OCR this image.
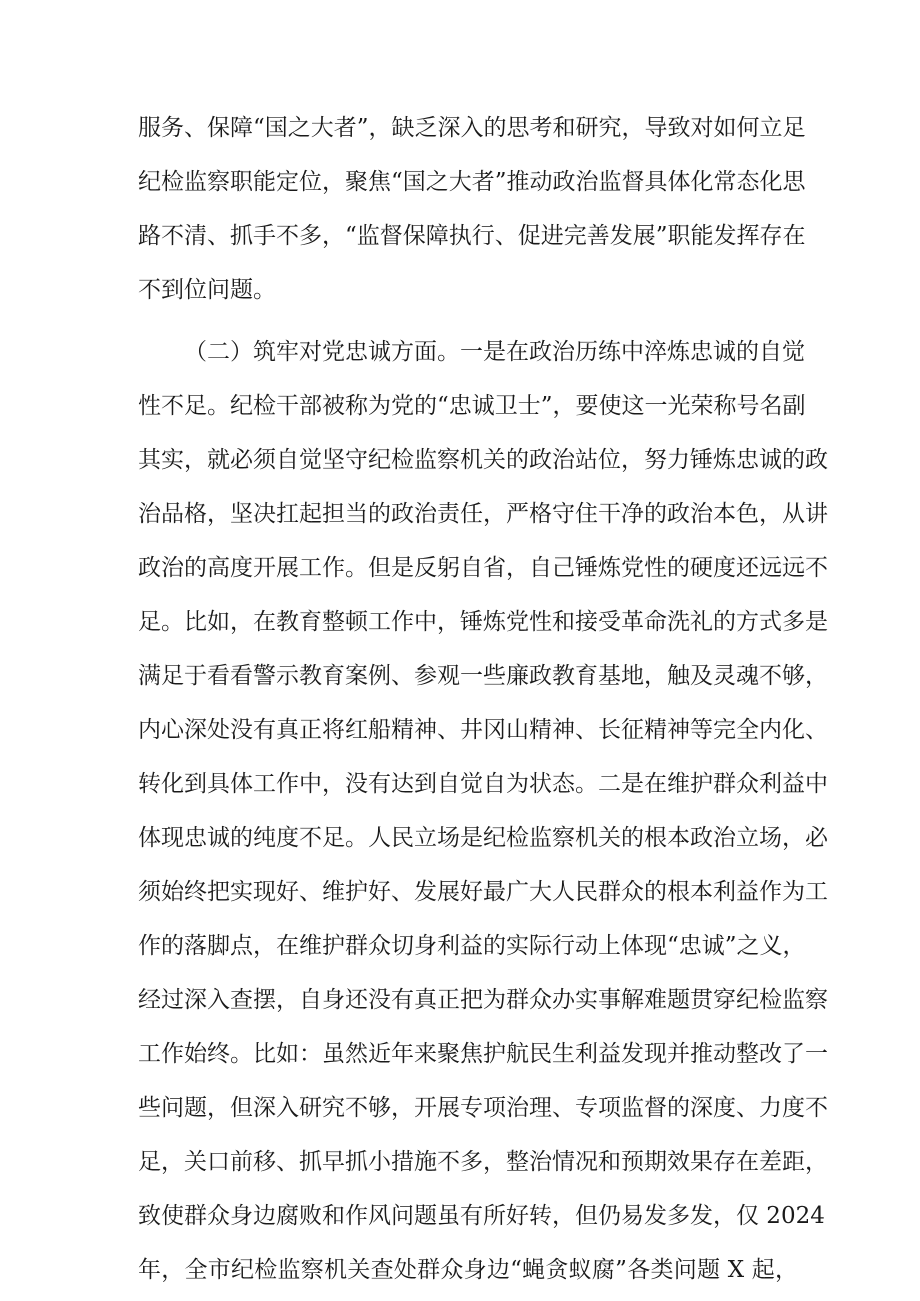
服务、保障“国之大者”，缺乏深入的思考和研究，导致对如何立足

纪检监察职能定位，聚焦“国之大者”推动政治监督具体化常态化思

路不清、抓手不多，“监督保障执行、促进完善发展”职能发挥存在

不到位问题。

（二）筑牢对党忠诚方面。一是在政治历练中淬炼忠诚的自觉

性不足。纪检干部被称为党的“忠诚卫士”，要使这一光荣称号名副

其实，就必须自觉坚守纪检监察机关的政治站位，努力锤炼忠诚的政

治品格，坚决扛起担当的政治责任，严格守住干净的政治本色，从讲

政治的高度开展工作。但是反躬自省，自己锤炼党性的硬度还远远不

足。比如，在教育整顿工作中，锤炼党性和接受革命洗礼的方式多是

满足于看看警示教育案例、参观一些廉政教育基地，触及灵魂不够，

内心深处没有真正将红船精神、井冈山精神、长征精神等完全内化、

转化到具体工作中，没有达到自觉自为状态。二是在维护群众利益中

体现忠诚的纯度不足。人民立场是纪检监察机关的根本政治立场，必

须始终把实现好、维护好、发展好最广大人民群众的根本利益作为工

作的落脚点，在维护群众切身利益的实际行动上体现“忠诚”之义，

经过深入查摆，自身还没有真正把为群众办实事解难题贯穿纪检监察

工作始终。比如：虽然近年来聚焦护航民生利益发现并推动整改了一

些问题，但深入研究不够，开展专项治理、专项监督的深度、力度不

足，关口前移、抓早抓小措施不多，整治情况和预期效果存在差距，

致使群众身边腐败和作风问题虽有所好转，但仍易发多发，仅 2024

年，全市纪检监察机关查处群众身边“蝇贪蚁腐”各类问题 X 起，
